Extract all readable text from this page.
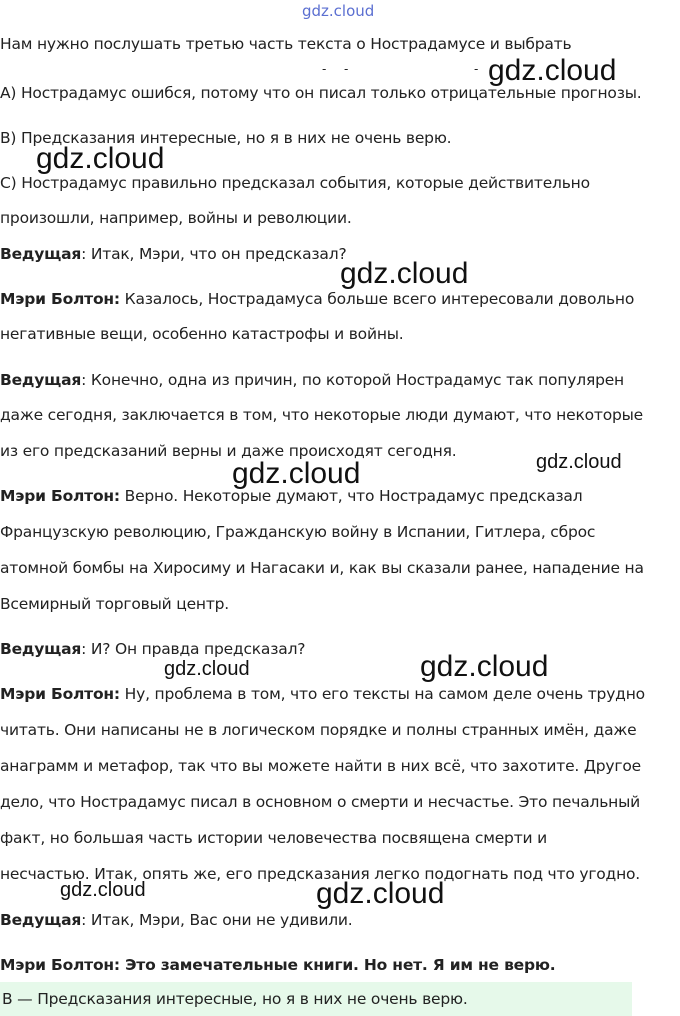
gdz.cloud
Нам нужно послушать третью часть текста о Нострадамусе и выбрать
- -	-
A) Нострадамус ошибся, потому что он писал только отрицательные прогнозы.
B) Предсказания интересные, но я в них не очень верю.
C) Нострадамус правильно предсказал события, которые действительно
произошли, например, войны и революции.
Ведущая: Итак, Мэри, что он предсказал?
Мэри Болтон: Казалось, Нострадамуса больше всего интересовали довольно
негативные вещи, особенно катастрофы и войны.
Ведущая: Конечно, одна из причин, по которой Нострадамус так популярен
даже сегодня, заключается в том, что некоторые люди думают, что некоторые
из его предсказаний верны и даже происходят сегодня.
Мэри Болтон: Верно. Некоторые думают, что Нострадамус предсказал
Французскую революцию, Гражданскую войну в Испании, Гитлера, сброс
атомной бомбы на Хиросиму и Нагасаки и, как вы сказали ранее, нападение на
Всемирный торговый центр.
Ведущая: И? Он правда предсказал?
Мэри Болтон: Ну, проблема в том, что его тексты на самом деле очень трудно
читать. Они написаны не в логическом порядке и полны странных имён, даже
анаграмм и метафор, так что вы можете найти в них всё, что захотите. Другое
дело, что Нострадамус писал в основном о смерти и несчастье. Это печальный
факт, но большая часть истории человечества посвящена смерти и
несчастью. Итак, опять же, его предсказания легко подогнать под что угодно.
Ведущая: Итак, Мэри, Вас они не удивили.
Мэри Болтон: Это замечательные книги. Но нет. Я им не верю.
B — Предсказания интересные, но я в них не очень верю.
gdz.cloud
gdz.cloud
gdz.cloud
gdz.cloud	gdz.cloud
gdz.cloud	gdz.cloud
gdz.cloud	gdz.cloud
